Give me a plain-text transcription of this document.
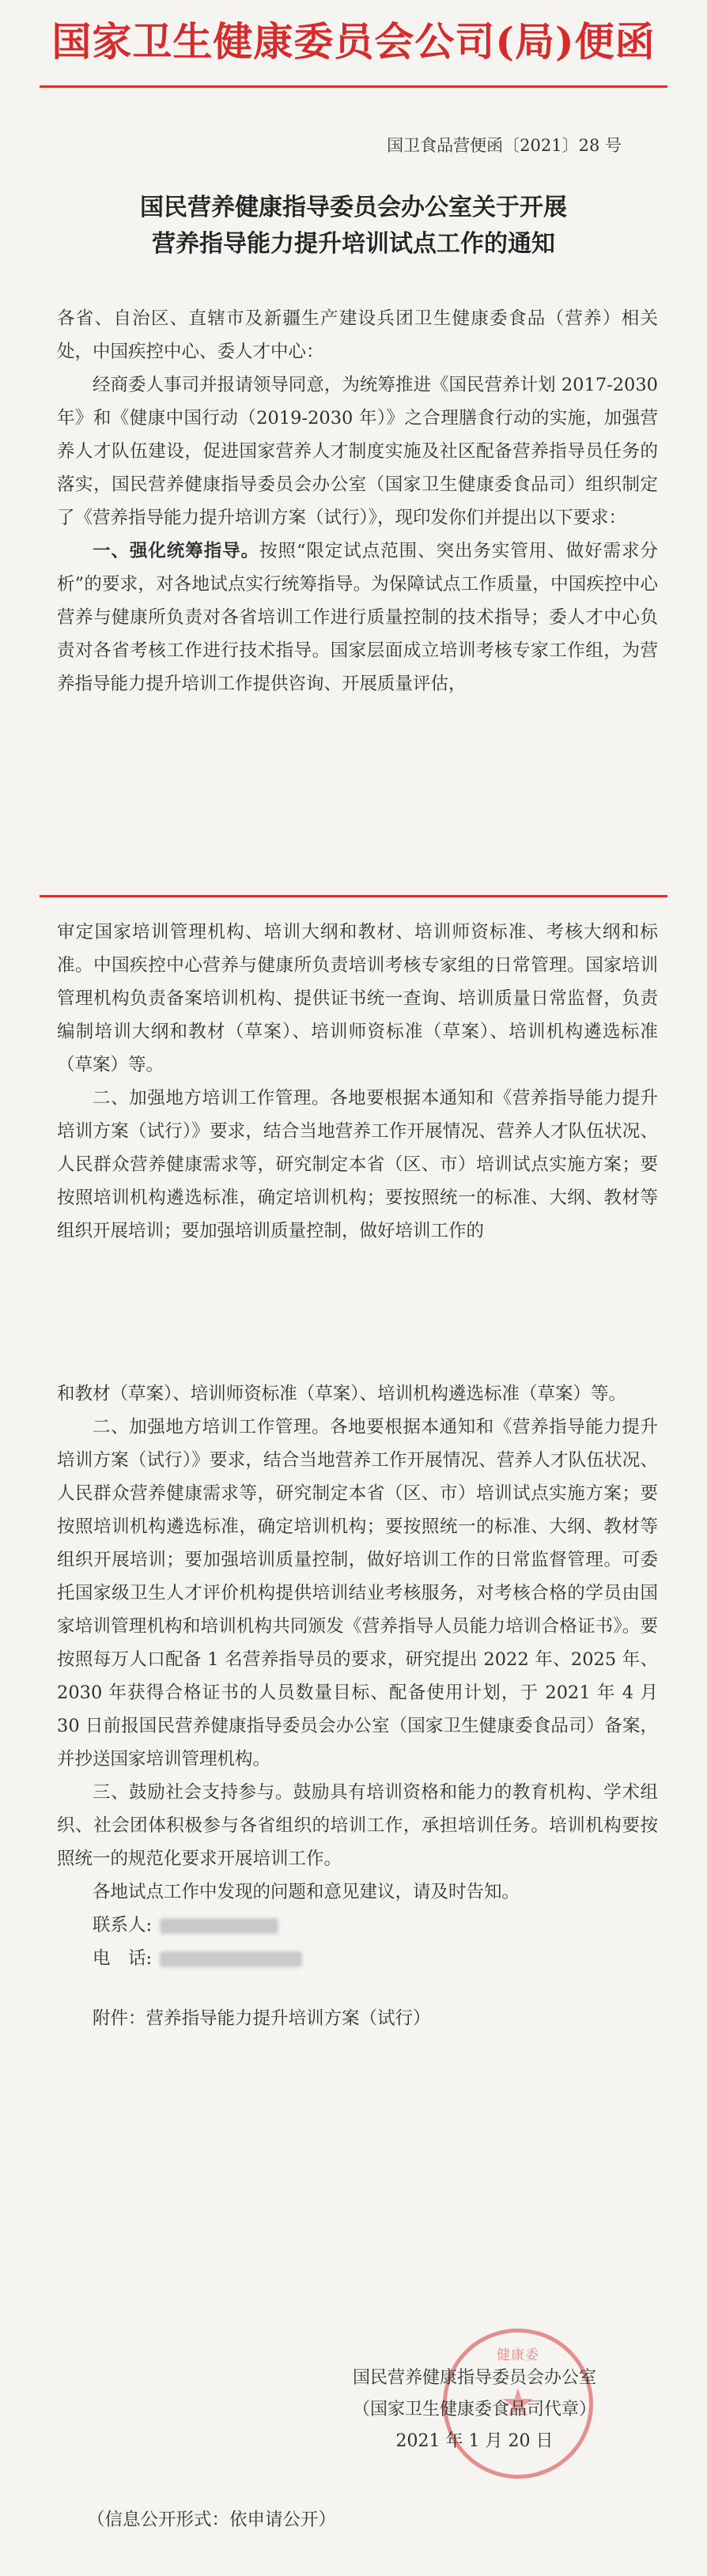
国家卫生健康委员会公司(局)便函
国卫食品营便函〔2021〕28 号
国民营养健康指导委员会办公室关于开展
营养指导能力提升培训试点工作的通知

各省、自治区、直辖市及新疆生产建设兵团卫生健康委食品（营养）相关处，中国疾控中心、委人才中心：

经商委人事司并报请领导同意，为统筹推进《国民营养计划 2017-2030 年》和《健康中国行动（2019-2030 年）》之合理膳食行动的实施，加强营养人才队伍建设，促进国家营养人才制度实施及社区配备营养指导员任务的落实，国民营养健康指导委员会办公室（国家卫生健康委食品司）组织制定了《营养指导能力提升培训方案（试行）》，现印发你们并提出以下要求：

一、强化统筹指导。按照“限定试点范围、突出务实管用、做好需求分析”的要求，对各地试点实行统筹指导。为保障试点工作质量，中国疾控中心营养与健康所负责对各省培训工作进行质量控制的技术指导；委人才中心负责对各省考核工作进行技术指导。国家层面成立培训考核专家工作组，为营养指导能力提升培训工作提供咨询、开展质量评估，

审定国家培训管理机构、培训大纲和教材、培训师资标准、考核大纲和标准。中国疾控中心营养与健康所负责培训考核专家组的日常管理。国家培训管理机构负责备案培训机构、提供证书统一查询、培训质量日常监督，负责编制培训大纲和教材（草案）、培训师资标准（草案）、培训机构遴选标准（草案）等。

二、加强地方培训工作管理。各地要根据本通知和《营养指导能力提升培训方案（试行）》要求，结合当地营养工作开展情况、营养人才队伍状况、人民群众营养健康需求等，研究制定本省（区、市）培训试点实施方案；要按照培训机构遴选标准，确定培训机构；要按照统一的标准、大纲、教材等组织开展培训；要加强培训质量控制，做好培训工作的

和教材（草案）、培训师资标准（草案）、培训机构遴选标准（草案）等。

二、加强地方培训工作管理。各地要根据本通知和《营养指导能力提升培训方案（试行）》要求，结合当地营养工作开展情况、营养人才队伍状况、人民群众营养健康需求等，研究制定本省（区、市）培训试点实施方案；要按照培训机构遴选标准，确定培训机构；要按照统一的标准、大纲、教材等组织开展培训；要加强培训质量控制，做好培训工作的日常监督管理。可委托国家级卫生人才评价机构提供培训结业考核服务，对考核合格的学员由国家培训管理机构和培训机构共同颁发《营养指导人员能力培训合格证书》。要按照每万人口配备 1 名营养指导员的要求，研究提出 2022 年、2025 年、2030 年获得合格证书的人员数量目标、配备使用计划，于 2021 年 4 月 30 日前报国民营养健康指导委员会办公室（国家卫生健康委食品司）备案，并抄送国家培训管理机构。

三、鼓励社会支持参与。鼓励具有培训资格和能力的教育机构、学术组织、社会团体积极参与各省组织的培训工作，承担培训任务。培训机构要按照统一的规范化要求开展培训工作。

各地试点工作中发现的问题和意见建议，请及时告知。

联系人:

电　话:

附件：营养指导能力提升培训方案（试行）

健康委
国民营养健康指导委员会办公室
（国家卫生健康委食品司代章）
2021 年 1 月 20 日
（信息公开形式：依申请公开）
